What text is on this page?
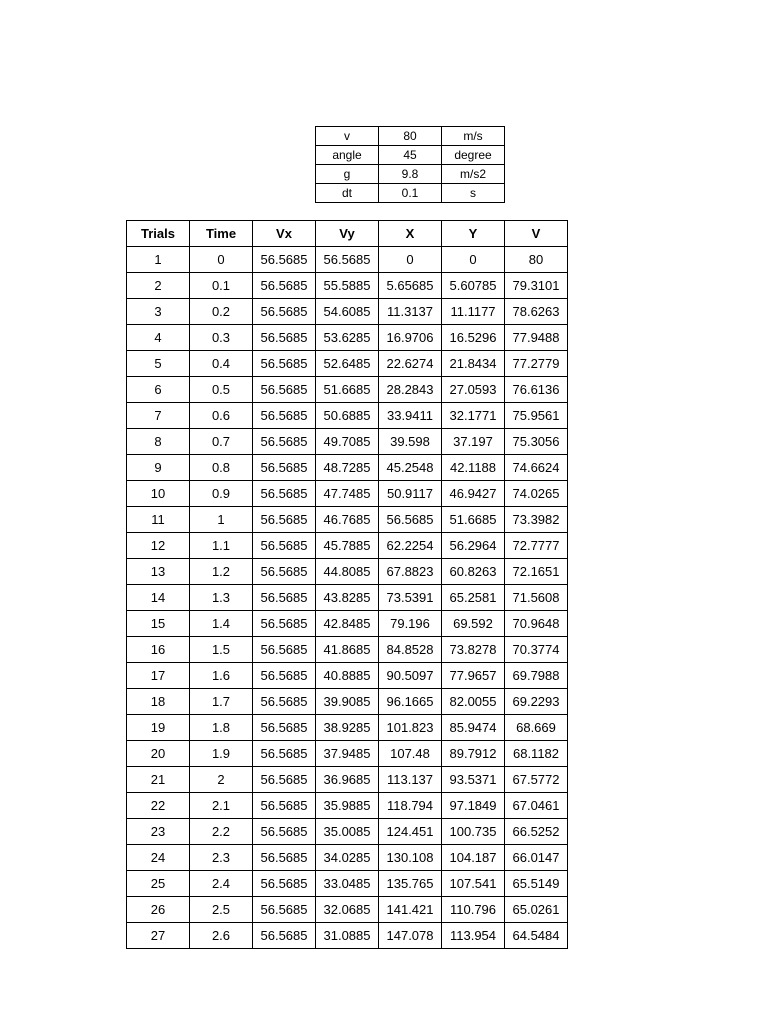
v	80	m/s
angle	45	degree
g	9.8	m/s2
dt	0.1	s
Trials	Time	Vx	Vy	X	Y	V
1	0	56.5685	56.5685	0	0	80
2	0.1	56.5685	55.5885	5.65685	5.60785	79.3101
3	0.2	56.5685	54.6085	11.3137	11.1177	78.6263
4	0.3	56.5685	53.6285	16.9706	16.5296	77.9488
5	0.4	56.5685	52.6485	22.6274	21.8434	77.2779
6	0.5	56.5685	51.6685	28.2843	27.0593	76.6136
7	0.6	56.5685	50.6885	33.9411	32.1771	75.9561
8	0.7	56.5685	49.7085	39.598	37.197	75.3056
9	0.8	56.5685	48.7285	45.2548	42.1188	74.6624
10	0.9	56.5685	47.7485	50.9117	46.9427	74.0265
11	1	56.5685	46.7685	56.5685	51.6685	73.3982
12	1.1	56.5685	45.7885	62.2254	56.2964	72.7777
13	1.2	56.5685	44.8085	67.8823	60.8263	72.1651
14	1.3	56.5685	43.8285	73.5391	65.2581	71.5608
15	1.4	56.5685	42.8485	79.196	69.592	70.9648
16	1.5	56.5685	41.8685	84.8528	73.8278	70.3774
17	1.6	56.5685	40.8885	90.5097	77.9657	69.7988
18	1.7	56.5685	39.9085	96.1665	82.0055	69.2293
19	1.8	56.5685	38.9285	101.823	85.9474	68.669
20	1.9	56.5685	37.9485	107.48	89.7912	68.1182
21	2	56.5685	36.9685	113.137	93.5371	67.5772
22	2.1	56.5685	35.9885	118.794	97.1849	67.0461
23	2.2	56.5685	35.0085	124.451	100.735	66.5252
24	2.3	56.5685	34.0285	130.108	104.187	66.0147
25	2.4	56.5685	33.0485	135.765	107.541	65.5149
26	2.5	56.5685	32.0685	141.421	110.796	65.0261
27	2.6	56.5685	31.0885	147.078	113.954	64.5484
